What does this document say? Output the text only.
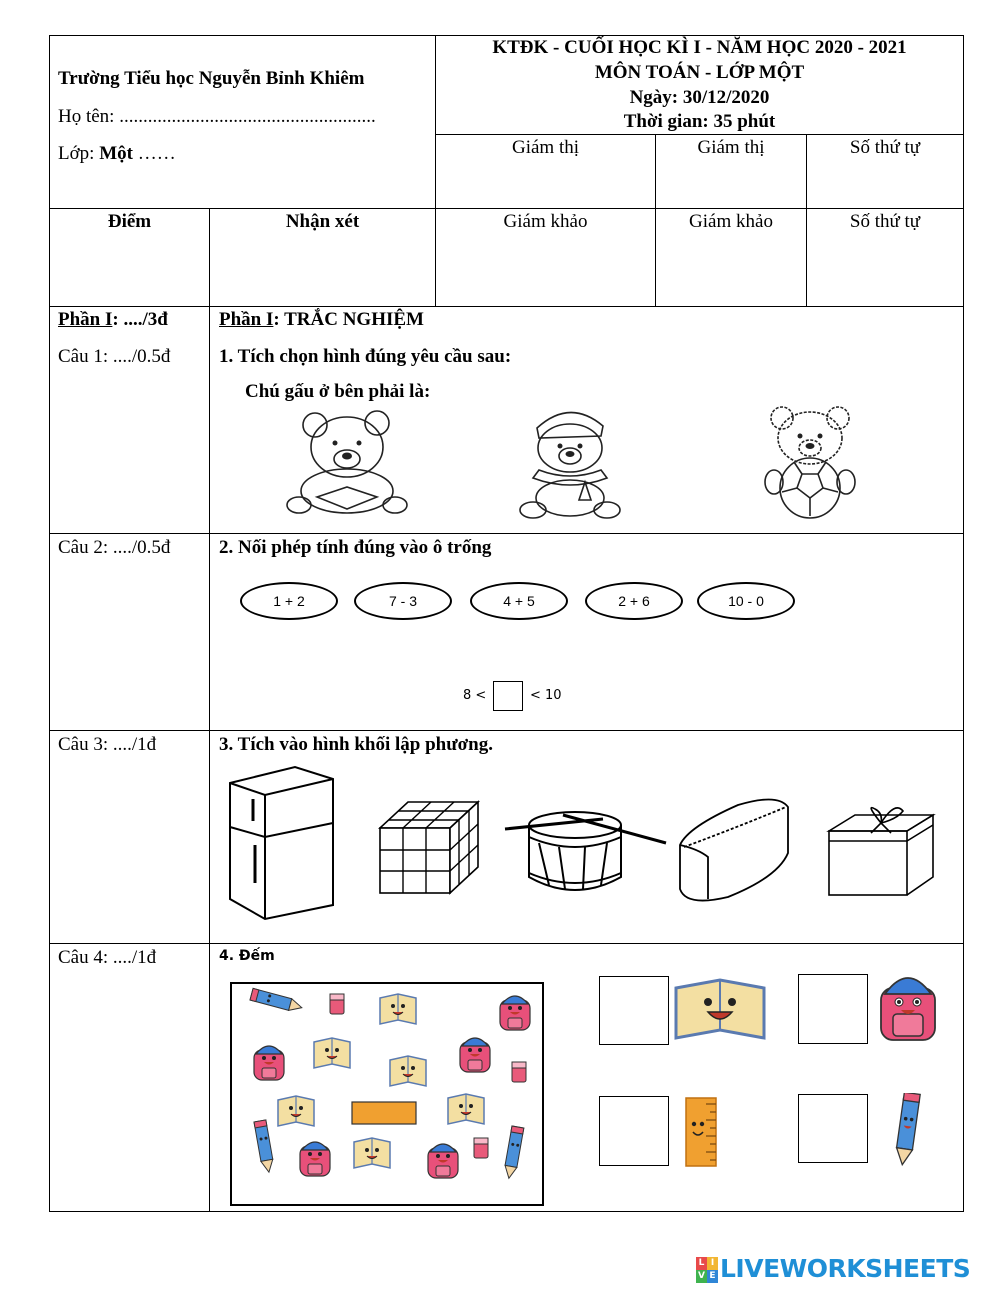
Trường Tiểu học Nguyễn Bỉnh Khiêm
Họ tên: ......................................................
Lớp: Một ……
KTĐK - CUỐI HỌC KÌ I - NĂM HỌC 2020 - 2021
MÔN TOÁN - LỚP MỘT
Ngày: 30/12/2020
Thời gian: 35 phút
Giám thị	Giám thị	Số thứ tự
Điểm	Nhận xét	Giám khảo	Giám khảo	Số thứ tự
Phần I: ..../3đ	Phần I: TRẮC NGHIỆM
Câu 1: ..../0.5đ	1. Tích chọn hình đúng yêu cầu sau:
Chú gấu ở bên phải là:
Câu 2: ..../0.5đ	2. Nối phép tính đúng vào ô trống
1 + 2	7 - 3	4 + 5	2 + 6	10 - 0
8 <	< 10
Câu 3: ..../1đ	3. Tích vào hình khối lập phương.
Câu 4: ..../1đ	4. Đếm
L I
V E LIVEWORKSHEETS
